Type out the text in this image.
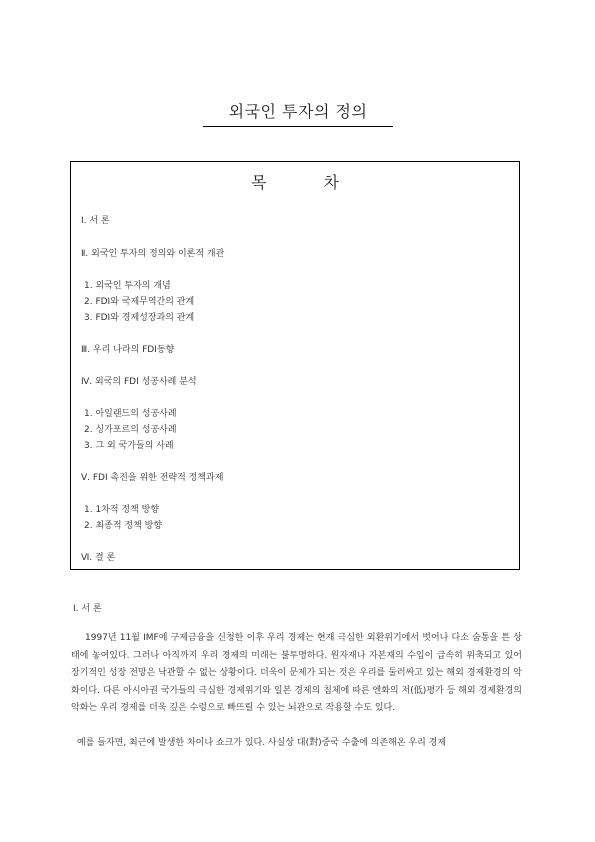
외국인 투자의 정의
목 차
Ⅰ. 서 론
Ⅱ. 외국인 투자의 정의와 이론적 개관
1. 외국인 투자의 개념
2. FDI와 국제무역간의 관계
3. FDI와 경제성장과의 관계
Ⅲ. 우리 나라의 FDI동향
Ⅳ. 외국의 FDI 성공사례 분석
1. 아일랜드의 성공사례
2. 싱가포르의 성공사례
3. 그 외 국가들의 사례
Ⅴ. FDI 촉진을 위한 전략적 정책과제
1. 1차적 정책 방향
2. 최종적 정책 방향
Ⅵ. 결 론
Ⅰ. 서 론

1997년 11월 IMF에 구제금융을 신청한 이후 우리 경제는 현재 극심한 외환위기에서 벗어나 다소 숨통을 튼 상태에 놓여있다. 그러나 아직까지 우리 경제의 미래는 불투명하다. 원자재나 자본재의 수입이 급속히 위축되고 있어 장기적인 성장 전망은 낙관할 수 없는 상황이다. 더욱이 문제가 되는 것은 우리를 둘러싸고 있는 해외 경제환경의 악화이다. 다른 아시아권 국가들의 극심한 경제위기와 일본 경제의 침체에 따른 엔화의 저(低)평가 등 해외 경제환경의 악화는 우리 경제를 더욱 깊은 수렁으로 빠뜨릴 수 있는 뇌관으로 작용할 수도 있다.

예를 들자면, 최근에 발생한 차이나 쇼크가 있다. 사실상 대(對)중국 수출에 의존해온 우리 경제
